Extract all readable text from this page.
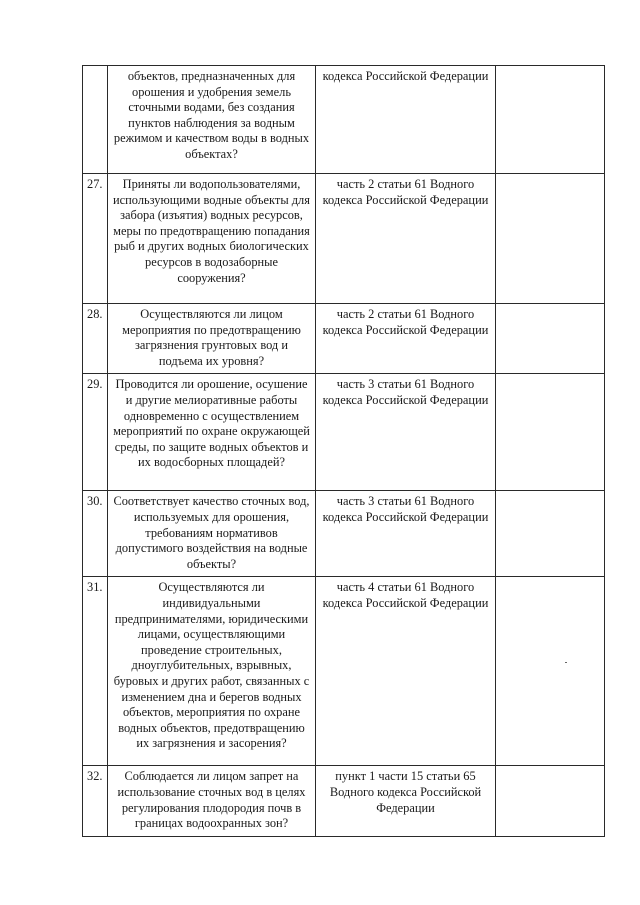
	объектов, предназначенных для орошения и удобрения земель сточными водами, без создания пунктов наблюдения за водным режимом и качеством воды в водных объектах?	кодекса Российской Федерации	
27.	Приняты ли водопользователями, использующими водные объекты для забора (изъятия) водных ресурсов, меры по предотвращению попадания рыб и других водных биологических ресурсов в водозаборные сооружения?	часть 2 статьи 61 Водного кодекса Российской Федерации	
28.	Осуществляются ли лицом мероприятия по предотвращению загрязнения грунтовых вод и подъема их уровня?	часть 2 статьи 61 Водного кодекса Российской Федерации	
29.	Проводится ли орошение, осушение и другие мелиоративные работы одновременно с осуществлением мероприятий по охране окружающей среды, по защите водных объектов и их водосборных площадей?	часть 3 статьи 61 Водного кодекса Российской Федерации	
30.	Соответствует качество сточных вод, используемых для орошения, требованиям нормативов допустимого воздействия на водные объекты?	часть 3 статьи 61 Водного кодекса Российской Федерации	
31.	Осуществляются ли индивидуальными предпринимателями, юридическими лицами, осуществляющими проведение строительных, дноуглубительных, взрывных, буровых и других работ, связанных с изменением дна и берегов водных объектов, мероприятия по охране водных объектов, предотвращению их загрязнения и засорения?	часть 4 статьи 61 Водного кодекса Российской Федерации	
32.	Соблюдается ли лицом запрет на использование сточных вод в целях регулирования плодородия почв в границах водоохранных зон?	пункт 1 части 15 статьи 65 Водного кодекса Российской Федерации	
